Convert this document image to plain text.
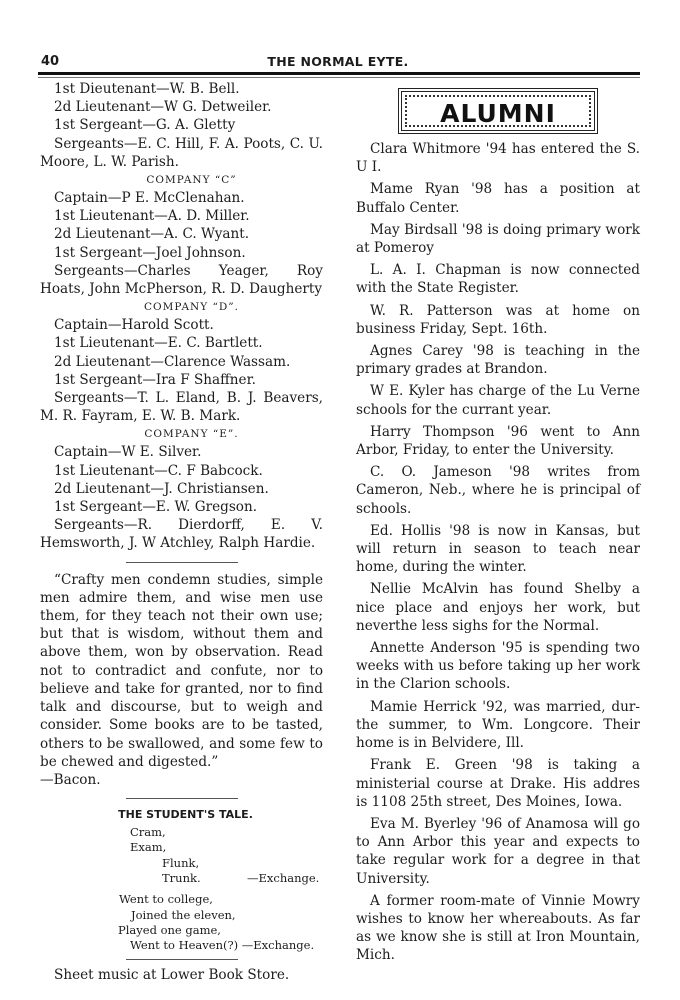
40	THE NORMAL EYTE.

1st Dieutenant—W. B. Bell.

2d Lieutenant—W G. Detweiler.

1st Sergeant—G. A. Gletty

Sergeants—E. C. Hill, F. A. Poots, C. U. Moore, L. W. Parish.

COMPANY “C”

Captain—P E. McClenahan.

1st Lieutenant—A. D. Miller.

2d Lieutenant—A. C. Wyant.

1st Sergeant—Joel Johnson.

Sergeants—Charles Yeager, Roy Hoats, John McPherson, R. D. Daugherty

COMPANY “D”.

Captain—Harold Scott.

1st Lieutenant—E. C. Bartlett.

2d Lieutenant—Clarence Wassam.

1st Sergeant—Ira F Shaffner.

Sergeants—T. L. Eland, B. J. Beavers, M. R. Fayram, E. W. B. Mark.

COMPANY “E”.

Captain—W E. Silver.

1st Lieutenant—C. F Babcock.

2d Lieutenant—J. Christiansen.

1st Sergeant—E. W. Gregson.

Sergeants—R. Dierdorff, E. V. Hemsworth, J. W Atchley, Ralph Hardie.

“Crafty men condemn studies, simple men admire them, and wise men use them, for they teach not their own use; but that is wisdom, without them and above them, won by observation. Read not to contradict and confute, nor to believe and take for granted, nor to find talk and discourse, but to weigh and consider. Some books are to be tasted, others to be swallowed, and some few to be chewed and digested.”

—Bacon.

THE STUDENT'S TALE.

Cram,
Exam,
Flunk,
Trunk.	—Exchange.
Went to college,
Joined the eleven,
Played one game,
Went to Heaven(?) —Exchange.

Sheet music at Lower Book Store.

ALUMNI

Clara Whitmore '94 has entered the S. U I.

Mame Ryan '98 has a position at Buffalo Center.

May Birdsall '98 is doing primary work at Pomeroy

L. A. I. Chapman is now connected with the State Register.

W. R. Patterson was at home on business Friday, Sept. 16th.

Agnes Carey '98 is teaching in the primary grades at Brandon.

W E. Kyler has charge of the Lu Verne schools for the currant year.

Harry Thompson '96 went to Ann Arbor, Friday, to enter the University.

C. O. Jameson '98 writes from Cameron, Neb., where he is principal of schools.

Ed. Hollis '98 is now in Kansas, but will return in season to teach near home, during the winter.

Nellie McAlvin has found Shelby a nice place and enjoys her work, but neverthe less sighs for the Normal.

Annette Anderson '95 is spending two weeks with us before taking up her work in the Clarion schools.

Mamie Herrick '92, was married, dur- the summer, to Wm. Longcore. Their home is in Belvidere, Ill.

Frank E. Green '98 is taking a ministerial course at Drake. His addres is 1108 25th street, Des Moines, Iowa.

Eva M. Byerley '96 of Anamosa will go to Ann Arbor this year and expects to take regular work for a degree in that University.

A former room-mate of Vinnie Mowry wishes to know her whereabouts. As far as we know she is still at Iron Mountain, Mich.
